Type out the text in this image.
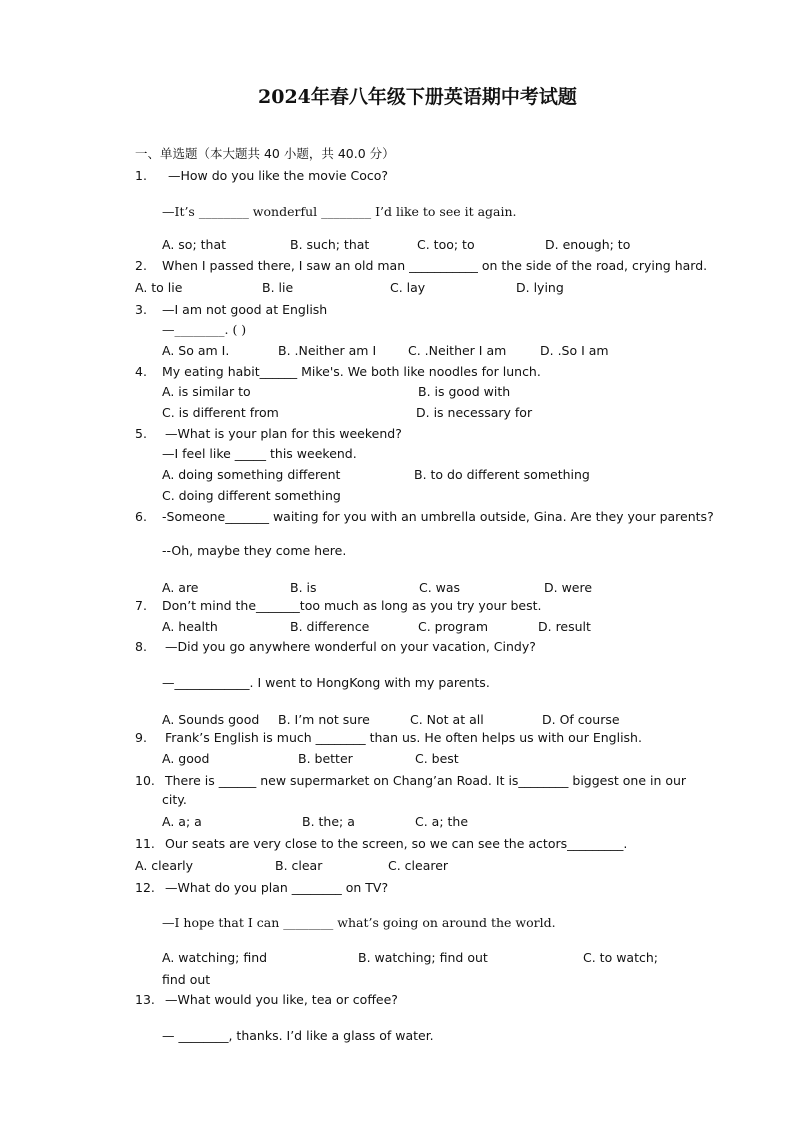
2024年春八年级下册英语期中考试题
一、单选题（本大题共 40 小题，共 40.0 分）
1. —How do you like the movie Coco?
—It’s ________ wonderful ________ I’d like to see it again.
A. so; that	B. such; that	C. too; to	D. enough; to
2. When I passed there, I saw an old man ___________ on the side of the road, crying hard.
A. to lie	B. lie	C. lay	D. lying
3. —I am not good at English
—________. ( )
A. So am I.	B. .Neither am I	C. .Neither I am	D. .So I am
4. My eating habit______ Mike's. We both like noodles for lunch.
A. is similar to	B. is good with
C. is different from	D. is necessary for
5. —What is your plan for this weekend?
—I feel like _____ this weekend.
A. doing something different	B. to do different something
C. doing different something
6. -Someone_______ waiting for you with an umbrella outside, Gina. Are they your parents?
--Oh, maybe they come here.
A. are	B. is	C. was	D. were
7. Don’t mind the_______too much as long as you try your best.
A. health	B. difference	C. program	D. result
8. —Did you go anywhere wonderful on your vacation, Cindy?
—____________. I went to HongKong with my parents.
A. Sounds good B. I’m not sure	C. Not at all	D. Of course
9. Frank’s English is much ________ than us. He often helps us with our English.
A. good	B. better	C. best
10. There is ______ new supermarket on Chang’an Road. It is________ biggest one in our
city.
A. a; a	B. the; a	C. a; the
11. Our seats are very close to the screen, so we can see the actors_________.
A. clearly	B. clear	C. clearer
12. —What do you plan ________ on TV?
—I hope that I can ________ what’s going on around the world.
A. watching; find	B. watching; find out	C. to watch;
find out
13. —What would you like, tea or coffee?
— ________, thanks. I’d like a glass of water.
